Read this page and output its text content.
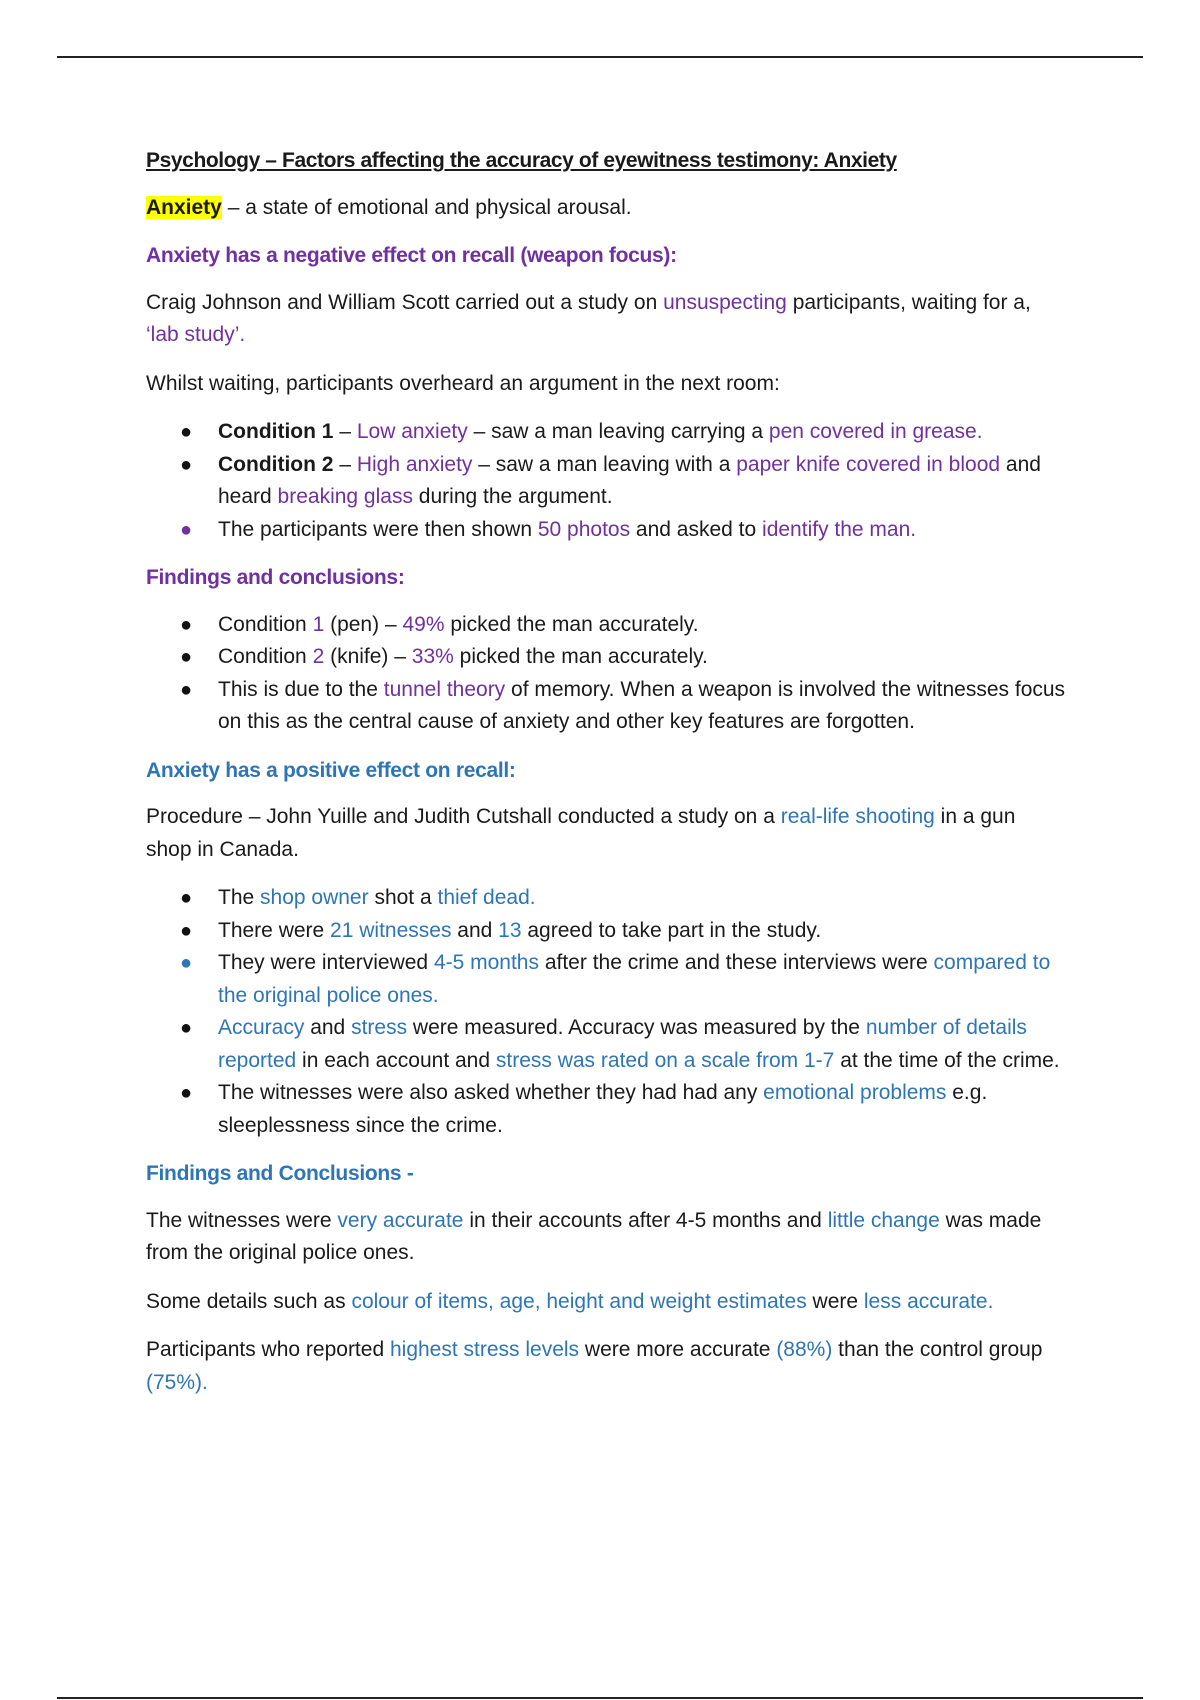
Psychology – Factors affecting the accuracy of eyewitness testimony: Anxiety

Anxiety – a state of emotional and physical arousal.

Anxiety has a negative effect on recall (weapon focus):

Craig Johnson and William Scott carried out a study on unsuspecting participants, waiting for a, ‘lab study’.

Whilst waiting, participants overheard an argument in the next room:

● Condition 1 – Low anxiety – saw a man leaving carrying a pen covered in grease.
● Condition 2 – High anxiety – saw a man leaving with a paper knife covered in blood and heard breaking glass during the argument.
● The participants were then shown 50 photos and asked to identify the man.
Findings and conclusions:
● Condition 1 (pen) – 49% picked the man accurately.
● Condition 2 (knife) – 33% picked the man accurately.
● This is due to the tunnel theory of memory. When a weapon is involved the witnesses focus on this as the central cause of anxiety and other key features are forgotten.
Anxiety has a positive effect on recall:

Procedure – John Yuille and Judith Cutshall conducted a study on a real-life shooting in a gun shop in Canada.

● The shop owner shot a thief dead.
● There were 21 witnesses and 13 agreed to take part in the study.
● They were interviewed 4-5 months after the crime and these interviews were compared to the original police ones.
● Accuracy and stress were measured. Accuracy was measured by the number of details reported in each account and stress was rated on a scale from 1-7 at the time of the crime.
● The witnesses were also asked whether they had had any emotional problems e.g. sleeplessness since the crime.
Findings and Conclusions -

The witnesses were very accurate in their accounts after 4-5 months and little change was made from the original police ones.

Some details such as colour of items, age, height and weight estimates were less accurate.

Participants who reported highest stress levels were more accurate (88%) than the control group (75%).
